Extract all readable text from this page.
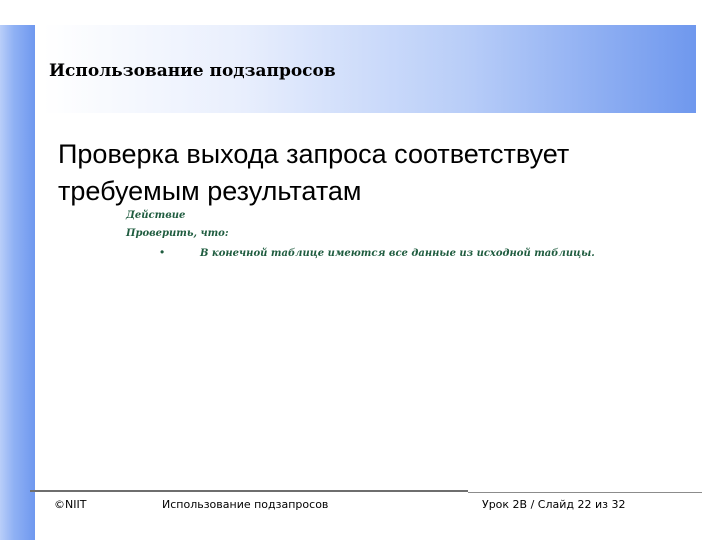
Использование подзапросов

Проверка выхода запроса соответствует требуемым результатам

Действие

Проверить, что:

•	В конечной таблице имеются все данные из исходной таблицы.

©NIIT	Использование подзапросов	Урок 2B / Слайд 22 из 32
